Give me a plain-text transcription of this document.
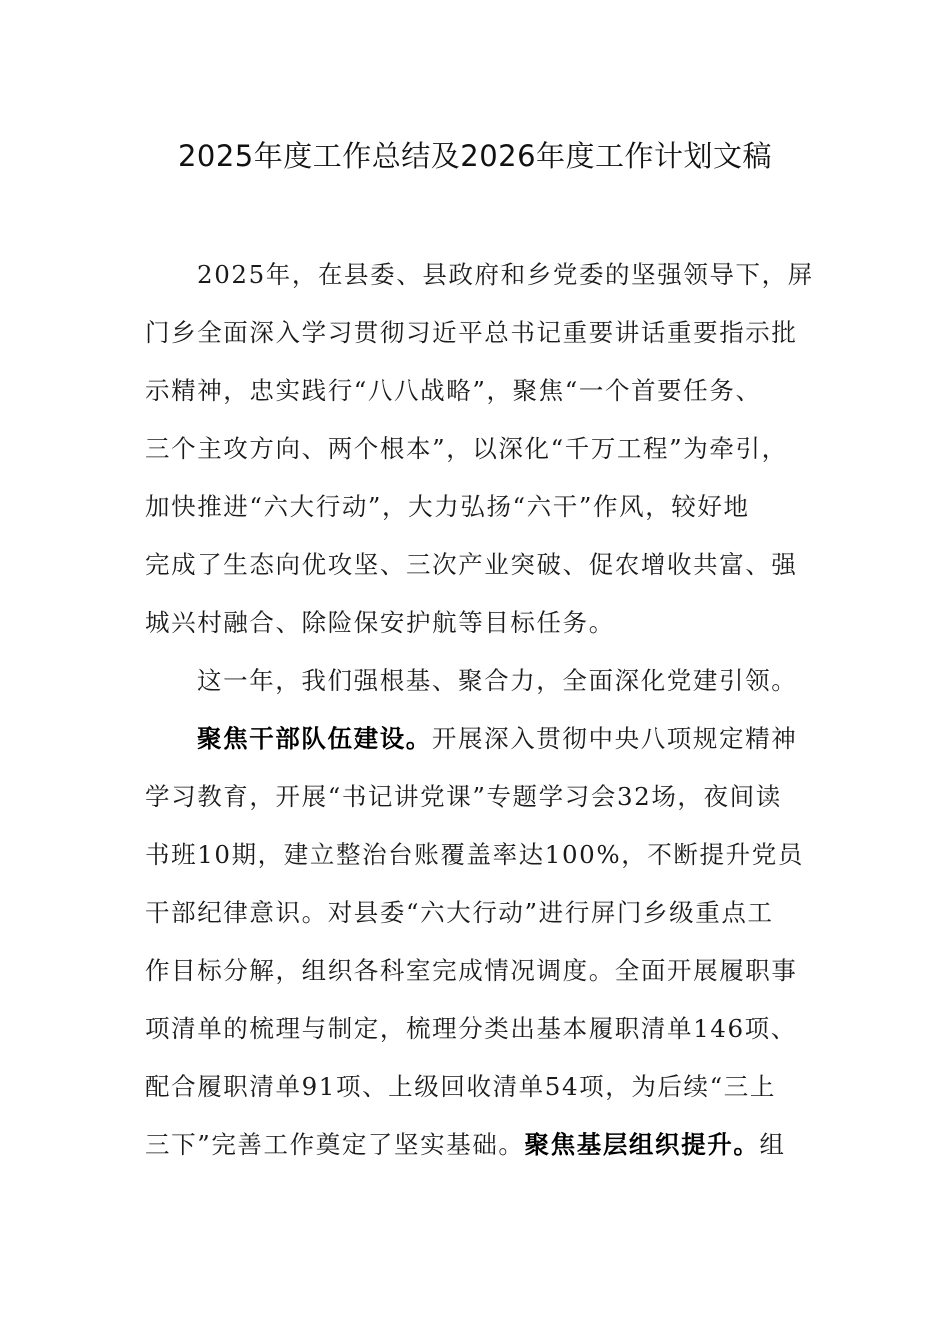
2025年度工作总结及2026年度工作计划文稿
2025年，在县委、县政府和乡党委的坚强领导下，屏
门乡全面深入学习贯彻习近平总书记重要讲话重要指示批
示精神，忠实践行“八八战略”，聚焦“一个首要任务、
三个主攻方向、两个根本”，以深化“千万工程”为牵引，
加快推进“六大行动”，大力弘扬“六干”作风，较好地
完成了生态向优攻坚、三次产业突破、促农增收共富、强
城兴村融合、除险保安护航等目标任务。
这一年，我们强根基、聚合力，全面深化党建引领。
聚焦干部队伍建设。开展深入贯彻中央八项规定精神
学习教育，开展“书记讲党课”专题学习会32场，夜间读
书班10期，建立整治台账覆盖率达100%，不断提升党员
干部纪律意识。对县委“六大行动”进行屏门乡级重点工
作目标分解，组织各科室完成情况调度。全面开展履职事
项清单的梳理与制定，梳理分类出基本履职清单146项、
配合履职清单91项、上级回收清单54项，为后续“三上
三下”完善工作奠定了坚实基础。聚焦基层组织提升。组
